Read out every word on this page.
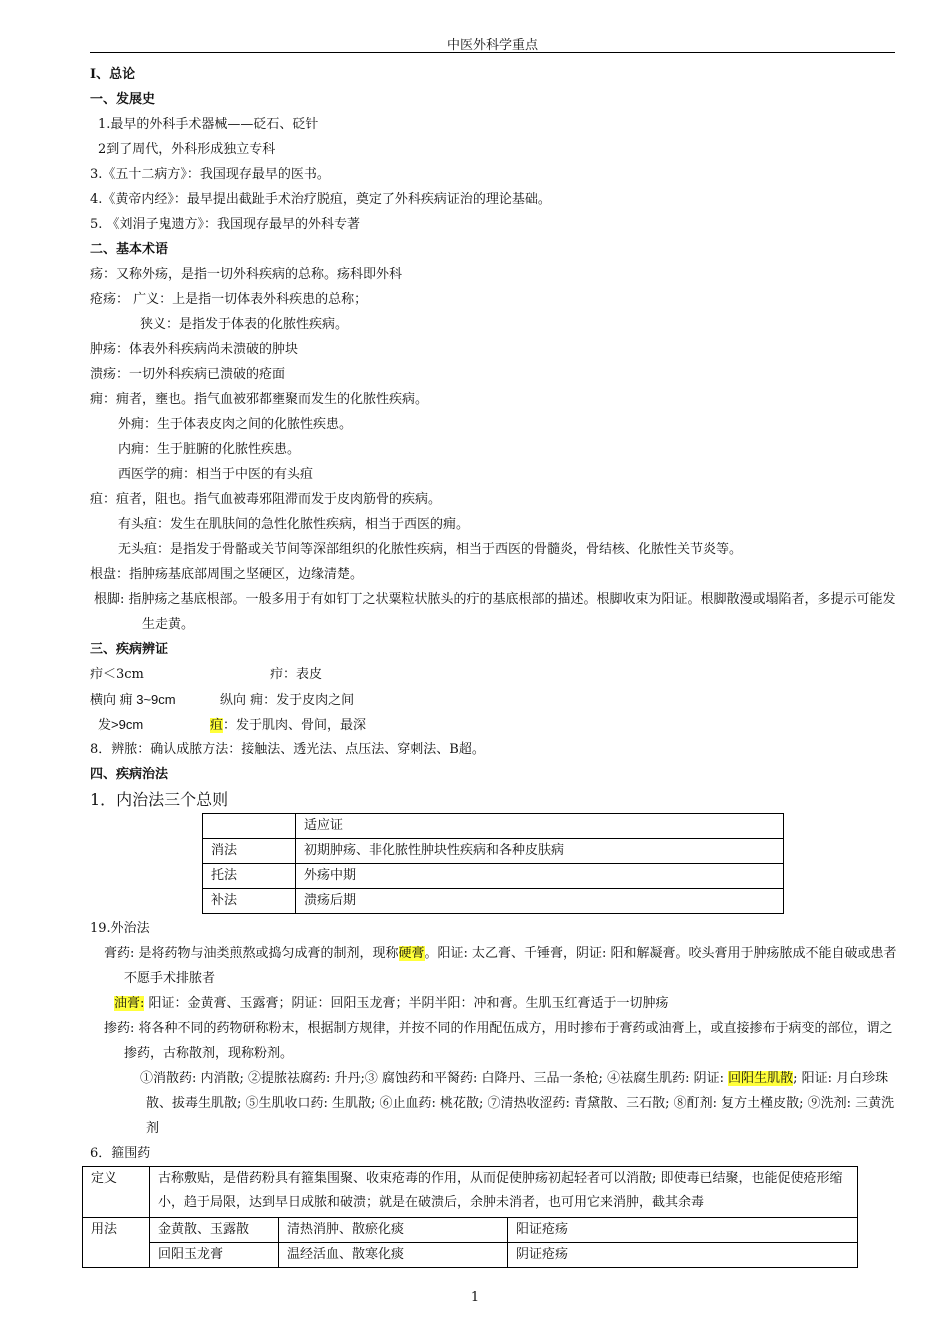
中医外科学重点
Ⅰ、总论
一、发展史
1.最早的外科手术器械——砭石、砭针
2到了周代，外科形成独立专科
3.《五十二病方》：我国现存最早的医书。
4.《黄帝内经》：最早提出截趾手术治疗脱疽，奠定了外科疾病证治的理论基础。
5. 《刘涓子鬼遗方》：我国现存最早的外科专著
二、基本术语
疡：又称外疡，是指一切外科疾病的总称。疡科即外科
疮疡： 广义：上是指一切体表外科疾患的总称；
狭义：是指发于体表的化脓性疾病。
肿疡：体表外科疾病尚未溃破的肿块
溃疡：一切外科疾病已溃破的疮面
痈：痈者，壅也。指气血被邪都壅聚而发生的化脓性疾病。
外痈：生于体表皮肉之间的化脓性疾患。
内痈：生于脏腑的化脓性疾患。
西医学的痈：相当于中医的有头疽
疽：疽者，阻也。指气血被毒邪阻滞而发于皮肉筋骨的疾病。
有头疽：发生在肌肤间的急性化脓性疾病，相当于西医的痈。
无头疽：是指发于骨骼或关节间等深部组织的化脓性疾病，相当于西医的骨髓炎，骨结核、化脓性关节炎等。
根盘：指肿疡基底部周围之坚硬区，边缘清楚。
根脚: 指肿疡之基底根部。一般多用于有如钉丁之状粟粒状脓头的疔的基底根部的描述。根脚收束为阳证。根脚散漫或塌陷者，多提示可能发生走黄。
三、疾病辨证
疖＜3cm	疖：表皮
横向 痈 3~9cm	纵向 痈：发于皮肉之间
发>9cm	疽：发于肌肉、骨间，最深
8．辨脓：确认成脓方法：接触法、透光法、点压法、穿刺法、B超。
四、疾病治法
1．内治法三个总则
	适应证
消法	初期肿疡、非化脓性肿块性疾病和各种皮肤病
托法	外疡中期
补法	溃疡后期
19.外治法
膏药: 是将药物与油类煎熬或捣匀成膏的制剂，现称硬膏。阳证: 太乙膏、千锤膏，阴证: 阳和解凝膏。咬头膏用于肿疡脓成不能自破或患者不愿手术排脓者
油膏: 阳证：金黄膏、玉露膏；阴证：回阳玉龙膏；半阴半阳：冲和膏。生肌玉红膏适于一切肿疡
掺药: 将各种不同的药物研称粉末，根据制方规律，并按不同的作用配伍成方，用时掺布于膏药或油膏上，或直接掺布于病变的部位，谓之掺药，古称散剂，现称粉剂。
①消散药: 内消散; ②提脓祛腐药: 升丹;③ 腐蚀药和平胬药: 白降丹、三品一条枪; ④祛腐生肌药: 阴证: 回阳生肌散; 阳证: 月白珍珠散、拔毒生肌散; ⑤生肌收口药: 生肌散; ⑥止血药: 桃花散; ⑦清热收涩药: 青黛散、三石散; ⑧酊剂: 复方土槿皮散; ⑨洗剂: 三黄洗剂
6．箍围药
定义	古称敷贴，是借药粉具有箍集围聚、收束疮毒的作用，从而促使肿疡初起轻者可以消散; 即使毒已结聚，也能促使疮形缩小，趋于局限，达到早日成脓和破溃；就是在破溃后，余肿未消者，也可用它来消肿，截其余毒		
用法	金黄散、玉露散	清热消肿、散瘀化痰	阳证疮疡
	回阳玉龙膏	温经活血、散寒化痰	阴证疮疡
1
